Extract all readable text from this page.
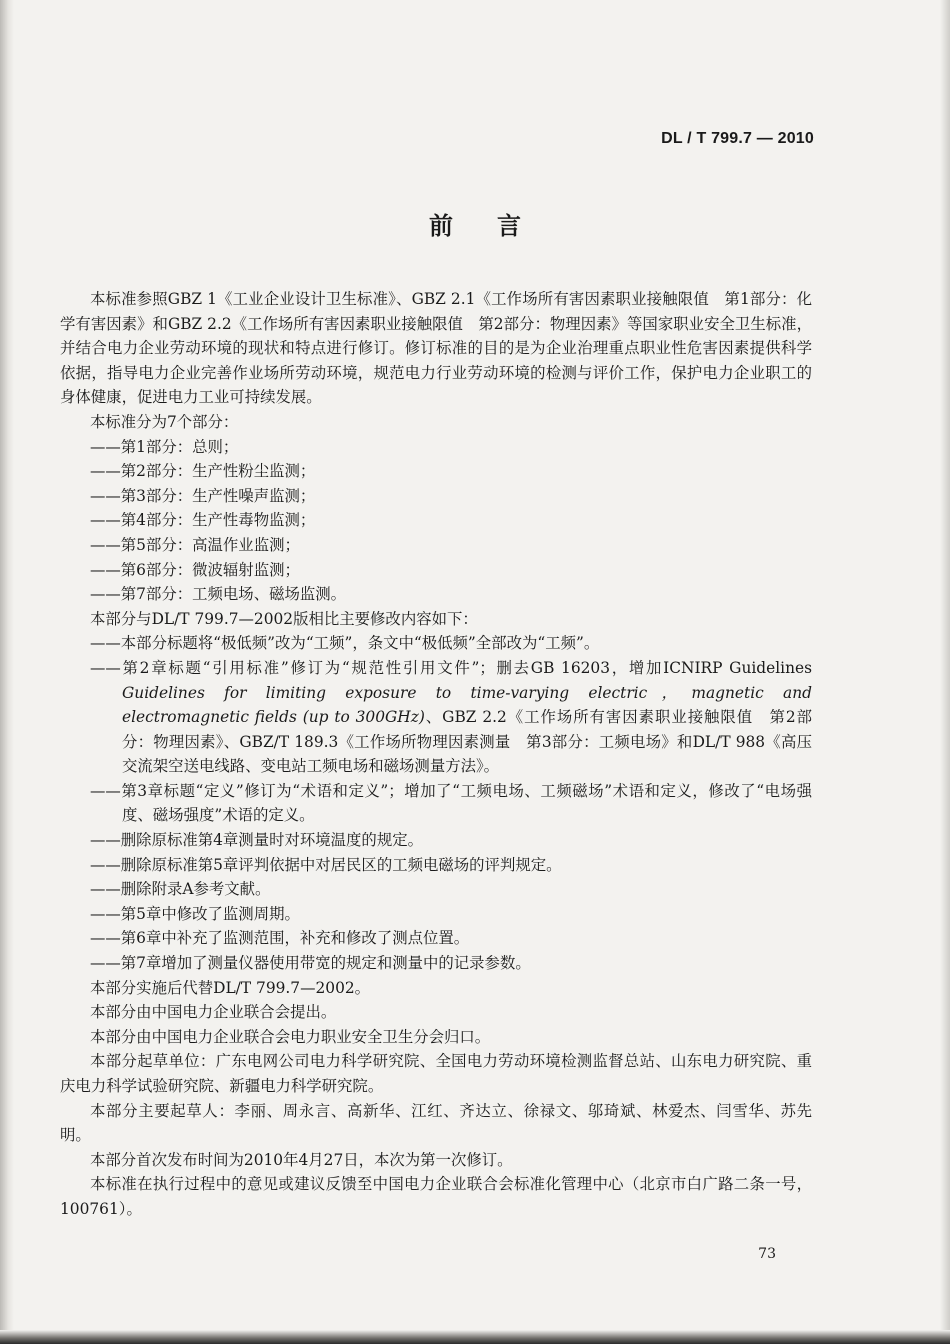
DL / T 799.7 — 2010
前言
本标准参照GBZ 1《工业企业设计卫生标准》、GBZ 2.1《工作场所有害因素职业接触限值　第1部分：化学有害因素》和GBZ 2.2《工作场所有害因素职业接触限值　第2部分：物理因素》等国家职业安全卫生标准，并结合电力企业劳动环境的现状和特点进行修订。修订标准的目的是为企业治理重点职业性危害因素提供科学依据，指导电力企业完善作业场所劳动环境，规范电力行业劳动环境的检测与评价工作，保护电力企业职工的身体健康，促进电力工业可持续发展。
本标准分为7个部分：
——第1部分：总则；
——第2部分：生产性粉尘监测；
——第3部分：生产性噪声监测；
——第4部分：生产性毒物监测；
——第5部分：高温作业监测；
——第6部分：微波辐射监测；
——第7部分：工频电场、磁场监测。
本部分与DL/T 799.7—2002版相比主要修改内容如下：
——本部分标题将“极低频”改为“工频”，条文中“极低频”全部改为“工频”。
——第2章标题“引用标准”修订为“规范性引用文件”；删去GB 16203，增加ICNIRP Guidelines Guidelines for limiting exposure to time-varying electric，magnetic and electromagnetic fields (up to 300GHz)、GBZ 2.2《工作场所有害因素职业接触限值　第2部分：物理因素》、GBZ/T 189.3《工作场所物理因素测量　第3部分：工频电场》和DL/T 988《高压交流架空送电线路、变电站工频电场和磁场测量方法》。
——第3章标题“定义”修订为“术语和定义”；增加了“工频电场、工频磁场”术语和定义，修改了“电场强度、磁场强度”术语的定义。
——删除原标准第4章测量时对环境温度的规定。
——删除原标准第5章评判依据中对居民区的工频电磁场的评判规定。
——删除附录A参考文献。
——第5章中修改了监测周期。
——第6章中补充了监测范围，补充和修改了测点位置。
——第7章增加了测量仪器使用带宽的规定和测量中的记录参数。
本部分实施后代替DL/T 799.7—2002。
本部分由中国电力企业联合会提出。
本部分由中国电力企业联合会电力职业安全卫生分会归口。
本部分起草单位：广东电网公司电力科学研究院、全国电力劳动环境检测监督总站、山东电力研究院、重庆电力科学试验研究院、新疆电力科学研究院。
本部分主要起草人：李丽、周永言、高新华、江红、齐达立、徐禄文、邬琦斌、林爱杰、闫雪华、苏先明。
本部分首次发布时间为2010年4月27日，本次为第一次修订。
本标准在执行过程中的意见或建议反馈至中国电力企业联合会标准化管理中心（北京市白广路二条一号，100761）。
73
